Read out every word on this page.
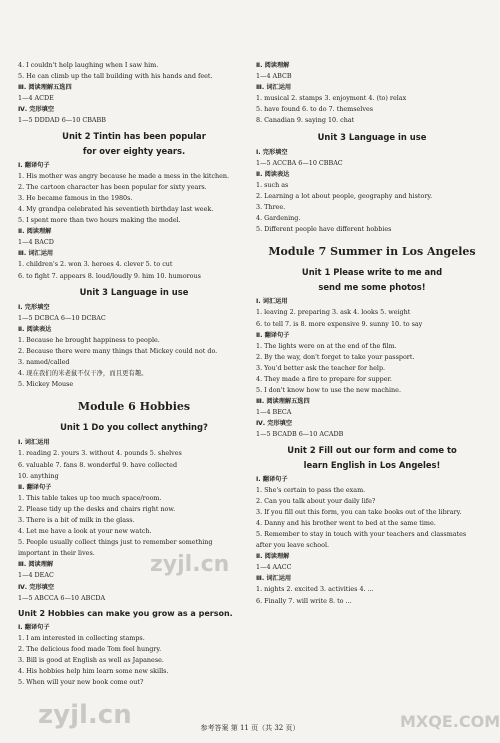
4. I couldn't help laughing when I saw him.
5. He can climb up the tall building with his hands and feet.
Ⅲ. 阅读理解五选四
1—4 ACDE
Ⅳ. 完形填空
1—5 DDDAD 6—10 CBABB
Unit 2 Tintin has been popular
for over eighty years.
Ⅰ. 翻译句子
1. His mother was angry because he made a mess in the kitchen.
2. The cartoon character has been popular for sixty years.
3. He became famous in the 1980s.
4. My grandpa celebrated his seventieth birthday last week.
5. I spent more than two hours making the model.
Ⅱ. 阅读理解
1—4 BACD
Ⅲ. 词汇运用
1. children's 2. won 3. heroes 4. clever 5. to cut
6. to fight 7. appears 8. loud/loudly 9. him 10. humorous
Unit 3 Language in use
Ⅰ. 完形填空
1—5 DCBCA 6—10 DCBAC
Ⅱ. 阅读表达
1. Because he brought happiness to people.
2. Because there were many things that Mickey could not do.
3. named/called
4. 现在我们的米老鼠不仅干净，而且更有趣。
5. Mickey Mouse
Module 6 Hobbies
Unit 1 Do you collect anything?
Ⅰ. 词汇运用
1. reading 2. yours 3. without 4. pounds 5. shelves
6. valuable 7. fans 8. wonderful 9. have collected
10. anything
Ⅱ. 翻译句子
1. This table takes up too much space/room.
2. Please tidy up the desks and chairs right now.
3. There is a bit of milk in the glass.
4. Let me have a look at your new watch.
5. People usually collect things just to remember something
important in their lives.
Ⅲ. 阅读理解
1—4 DEAC
Ⅳ. 完形填空
1—5 ABCCA 6—10 ABCDA
Unit 2 Hobbies can make you grow as a person.
Ⅰ. 翻译句子
1. I am interested in collecting stamps.
2. The delicious food made Tom feel hungry.
3. Bill is good at English as well as Japanese.
4. His hobbies help him learn some new skills.
5. When will your new book come out?
Ⅱ. 阅读理解
1—4 ABCB
Ⅲ. 词汇运用
1. musical 2. stamps 3. enjoyment 4. (to) relax
5. have found 6. to do 7. themselves
8. Canadian 9. saying 10. chat
Unit 3 Language in use
Ⅰ. 完形填空
1—5 ACCBA 6—10 CBBAC
Ⅱ. 阅读表达
1. such as
2. Learning a lot about people, geography and history.
3. Three.
4. Gardening.
5. Different people have different hobbies
Module 7 Summer in Los Angeles
Unit 1 Please write to me and
send me some photos!
Ⅰ. 词汇运用
1. leaving 2. preparing 3. ask 4. looks 5. weight
6. to tell 7. is 8. more expensive 9. sunny 10. to say
Ⅱ. 翻译句子
1. The lights were on at the end of the film.
2. By the way, don't forget to take your passport.
3. You'd better ask the teacher for help.
4. They made a fire to prepare for supper.
5. I don't know how to use the new machine.
Ⅲ. 阅读理解五选四
1—4 BECA
Ⅳ. 完形填空
1—5 BCADB 6—10 ACADB
Unit 2 Fill out our form and come to
learn English in Los Angeles!
Ⅰ. 翻译句子
1. She's certain to pass the exam.
2. Can you talk about your daily life?
3. If you fill out this form, you can take books out of the library.
4. Danny and his brother went to bed at the same time.
5. Remember to stay in touch with your teachers and classmates
after you leave school.
Ⅱ. 阅读理解
1—4 AACC
Ⅲ. 词汇运用
1. nights 2. excited 3. activities 4. ...
6. Finally 7. will write 8. to ...
参考答案 第 11 页（共 32 页）
zyjl.cn
zyjl.cn	MXQE.COM
